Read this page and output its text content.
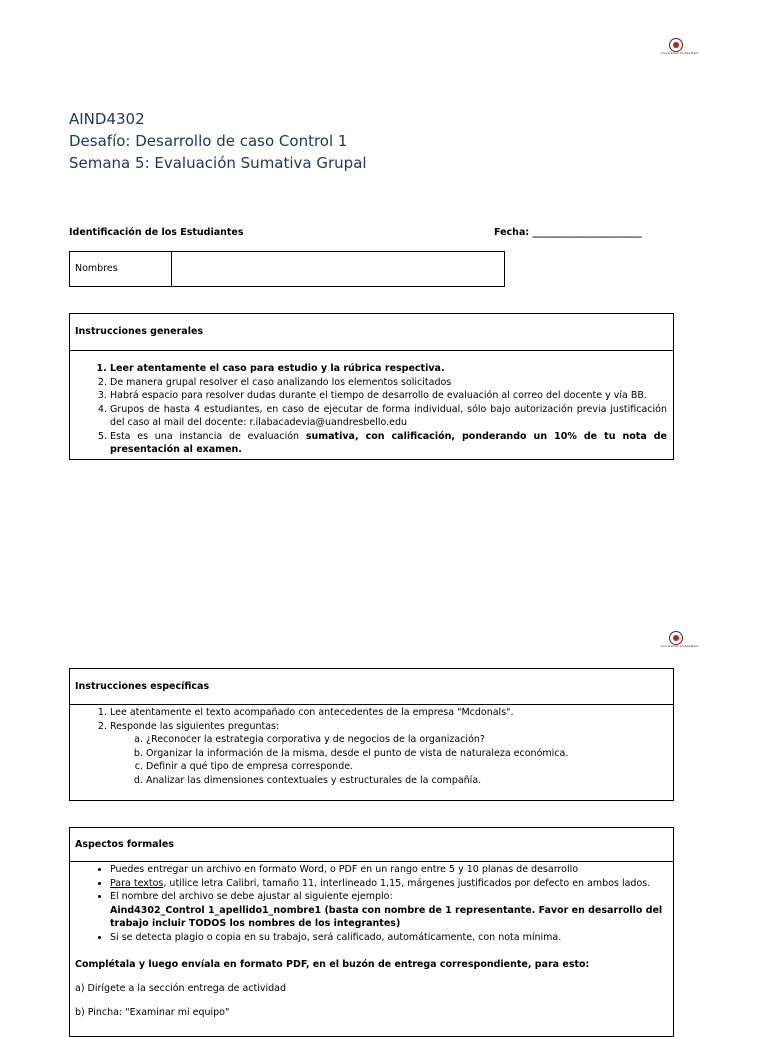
Universidad Andrés Bello
AIND4302
Desafío: Desarrollo de caso Control 1
Semana 5: Evaluación Sumativa Grupal
Identificación de los Estudiantes	Fecha: _______________________
Nombres
Instrucciones generales
1. Leer atentamente el caso para estudio y la rúbrica respectiva.
2. De manera grupal resolver el caso analizando los elementos solicitados
3. Habrá espacio para resolver dudas durante el tiempo de desarrollo de evaluación al correo del docente y vía BB.
4. Grupos de hasta 4 estudiantes, en caso de ejecutar de forma individual, sólo bajo autorización previa justificación del caso al mail del docente: r.ilabacadevia@uandresbello.edu
5. Esta es una instancia de evaluación sumativa, con calificación, ponderando un 10% de tu nota de presentación al examen.
Universidad Andrés Bello
Instrucciones específicas
1. Lee atentamente el texto acompañado con antecedentes de la empresa "Mcdonals".
2. Responde las siguientes preguntas:
a. ¿Reconocer la estrategia corporativa y de negocios de la organización?
b. Organizar la información de la misma, desde el punto de vista de naturaleza económica.
c. Definir a qué tipo de empresa corresponde.
d. Analizar las dimensiones contextuales y estructurales de la compañía.
Aspectos formales
• Puedes entregar un archivo en formato Word, o PDF en un rango entre 5 y 10 planas de desarrollo
• Para textos, utilice letra Calibri, tamaño 11, interlineado 1,15, márgenes justificados por defecto en ambos lados.
• El nombre del archivo se debe ajustar al siguiente ejemplo:
Aind4302_Control 1_apellido1_nombre1 (basta con nombre de 1 representante. Favor en desarrollo del trabajo incluir TODOS los nombres de los integrantes)
• Si se detecta plagio o copia en su trabajo, será calificado, automáticamente, con nota mínima.
Complétala y luego envíala en formato PDF, en el buzón de entrega correspondiente, para esto:
a) Dirígete a la sección entrega de actividad
b) Pincha: "Examinar mi equipo"
